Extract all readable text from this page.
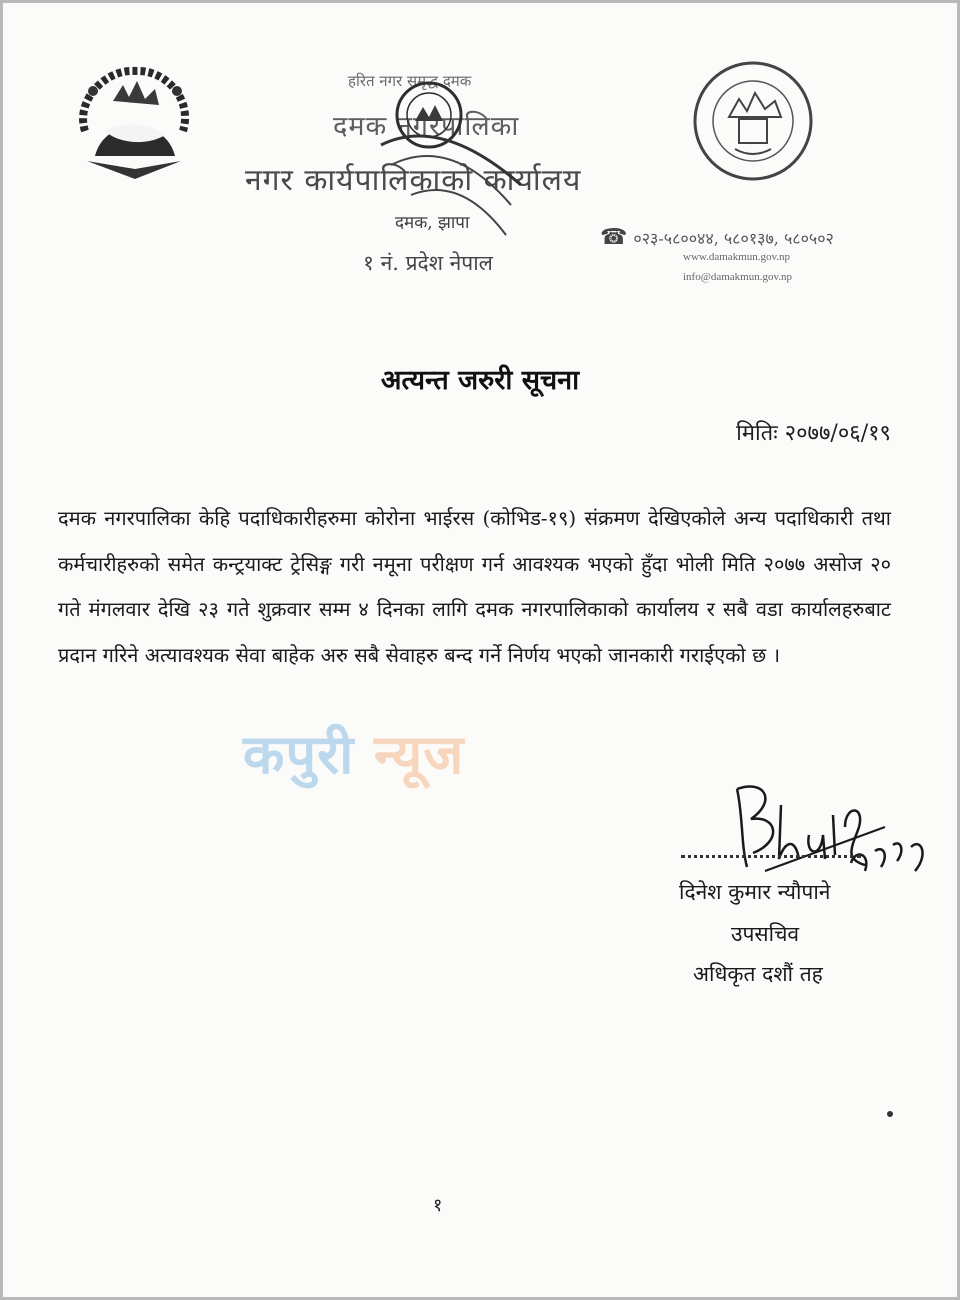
हरित नगर समृद्ध दमक
दमक नगरपालिका
नगर कार्यपालिकाको कार्यालय
दमक, झापा
१ नं. प्रदेश नेपाल
☎ ०२३-५८००४४, ५८०१३७, ५८०५०२
www.damakmun.gov.np
info@damakmun.gov.np
अत्यन्त जरुरी सूचना
मितिः २०७७/०६/१९
दमक नगरपालिका केहि पदाधिकारीहरुमा कोरोना भाईरस (कोभिड-१९) संक्रमण देखिएकोले अन्य पदाधिकारी तथा कर्मचारीहरुको समेत कन्ट्रयाक्ट ट्रेसिङ्ग गरी नमूना परीक्षण गर्न आवश्यक भएको हुँदा भोली मिति २०७७ असोज २० गते मंगलवार देखि २३ गते शुक्रवार सम्म ४ दिनका लागि दमक नगरपालिकाको कार्यालय र सबै वडा कार्यालहरुबाट प्रदान गरिने अत्यावश्यक सेवा बाहेक अरु सबै सेवाहरु बन्द गर्ने निर्णय भएको जानकारी गराईएको छ ।
कपुरी न्यूज
दिनेश कुमार न्यौपाने
उपसचिव
अधिकृत दशौं तह
१
